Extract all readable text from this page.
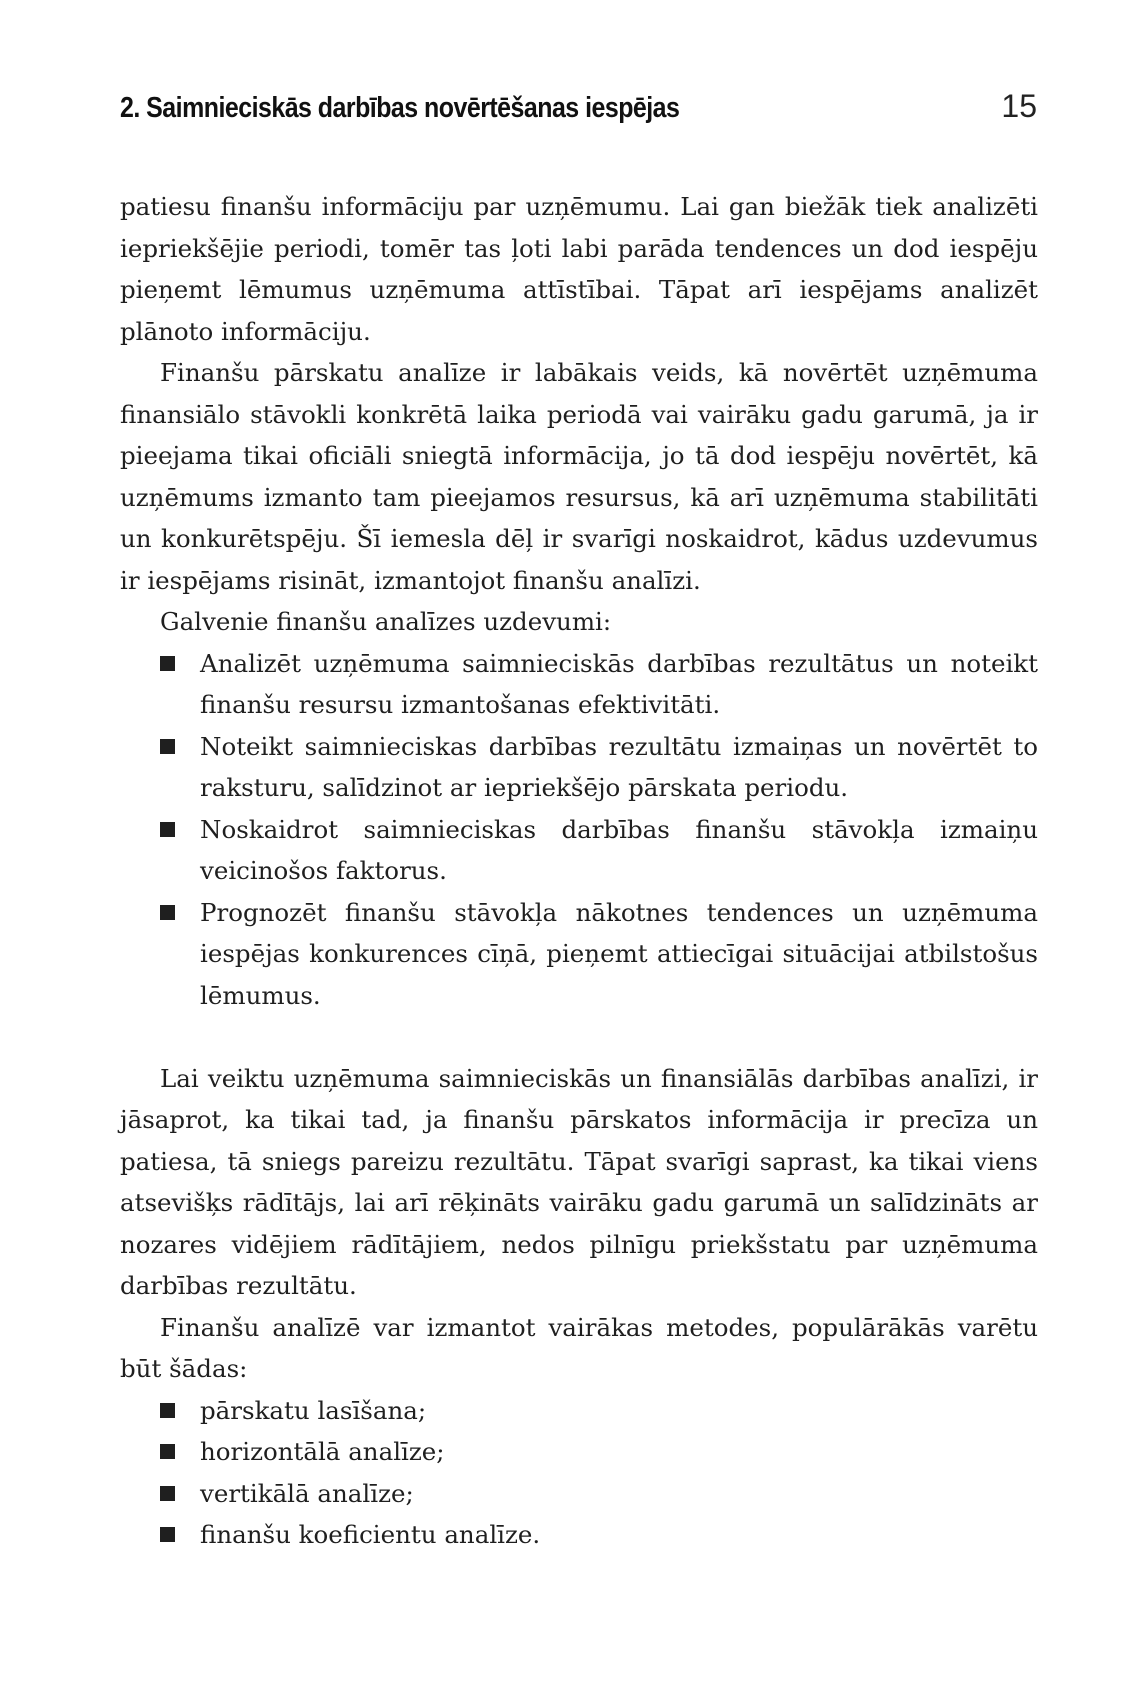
2. Saimnieciskās darbības novērtēšanas iespējas	15

patiesu finanšu informāciju par uzņēmumu. Lai gan biežāk tiek analizēti iepriekšējie periodi, tomēr tas ļoti labi parāda tendences un dod iespēju pieņemt lēmumus uzņēmuma attīstībai. Tāpat arī iespējams analizēt plānoto informāciju.

Finanšu pārskatu analīze ir labākais veids, kā novērtēt uzņēmuma finansiālo stāvokli konkrētā laika periodā vai vairāku gadu garumā, ja ir pieejama tikai oficiāli sniegtā informācija, jo tā dod iespēju novērtēt, kā uzņēmums izmanto tam pieejamos resursus, kā arī uzņēmuma stabilitāti un konkurētspēju. Šī iemesla dēļ ir svarīgi noskaidrot, kādus uzdevumus ir iespējams risināt, izmantojot finanšu analīzi.

Galvenie finanšu analīzes uzdevumi:

Analizēt uzņēmuma saimnieciskās darbības rezultātus un noteikt finanšu resursu izmantošanas efektivitāti.
Noteikt saimnieciskas darbības rezultātu izmaiņas un novērtēt to raksturu, salīdzinot ar iepriekšējo pārskata periodu.
Noskaidrot saimnieciskas darbības finanšu stāvokļa izmaiņu veicinošos faktorus.
Prognozēt finanšu stāvokļa nākotnes tendences un uzņēmuma iespējas konkurences cīņā, pieņemt attiecīgai situācijai atbilstošus lēmumus.

Lai veiktu uzņēmuma saimnieciskās un finansiālās darbības analīzi, ir jāsaprot, ka tikai tad, ja finanšu pārskatos informācija ir precīza un patiesa, tā sniegs pareizu rezultātu. Tāpat svarīgi saprast, ka tikai viens atsevišķs rādītājs, lai arī rēķināts vairāku gadu garumā un salīdzināts ar nozares vidējiem rādītājiem, nedos pilnīgu priekšstatu par uzņēmuma darbības rezultātu.

Finanšu analīzē var izmantot vairākas metodes, populārākās varētu būt šādas:

pārskatu lasīšana;
horizontālā analīze;
vertikālā analīze;
finanšu koeficientu analīze.
